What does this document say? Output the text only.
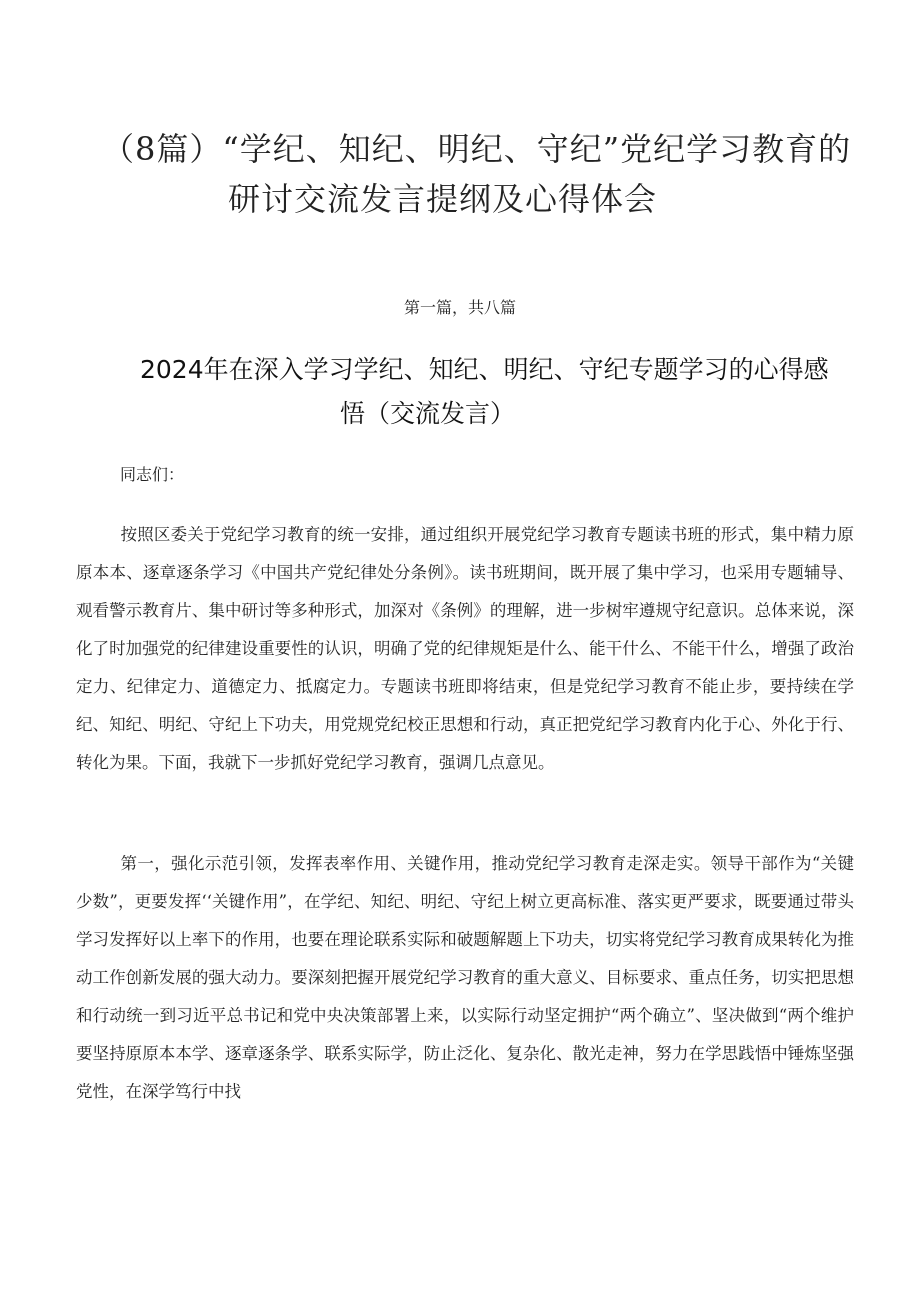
（8篇）“学纪、知纪、明纪、守纪”党纪学习教育的
研讨交流发言提纲及心得体会
第一篇，共八篇
2024年在深入学习学纪、知纪、明纪、守纪专题学习的心得感
悟（交流发言）
同志们：

按照区委关于党纪学习教育的统一安排，通过组织开展党纪学习教育专题读书班的形式，集中精力原原本本、逐章逐条学习《中国共产党纪律处分条例》。读书班期间，既开展了集中学习，也采用专题辅导、观看警示教育片、集中研讨等多种形式，加深对《条例》的理解，进一步树牢遵规守纪意识。总体来说，深化了时加强党的纪律建设重要性的认识，明确了党的纪律规矩是什么、能干什么、不能干什么，增强了政治定力、纪律定力、道德定力、抵腐定力。专题读书班即将结束，但是党纪学习教育不能止步，要持续在学纪、知纪、明纪、守纪上下功夫，用党规党纪校正思想和行动，真正把党纪学习教育内化于心、外化于行、转化为果。下面，我就下一步抓好党纪学习教育，强调几点意见。

第一，强化示范引领，发挥表率作用、关键作用，推动党纪学习教育走深走实。领导干部作为“关键少数”，更要发挥‘‘关键作用”，在学纪、知纪、明纪、守纪上树立更高标准、落实更严要求，既要通过带头学习发挥好以上率下的作用，也要在理论联系实际和破题解题上下功夫，切实将党纪学习教育成果转化为推动工作创新发展的强大动力。要深刻把握开展党纪学习教育的重大意义、目标要求、重点任务，切实把思想和行动统一到习近平总书记和党中央决策部署上来，以实际行动坚定拥护“两个确立”、坚决做到“两个维护要坚持原原本本学、逐章逐条学、联系实际学，防止泛化、复杂化、散光走神，努力在学思践悟中锤炼坚强党性，在深学笃行中找
